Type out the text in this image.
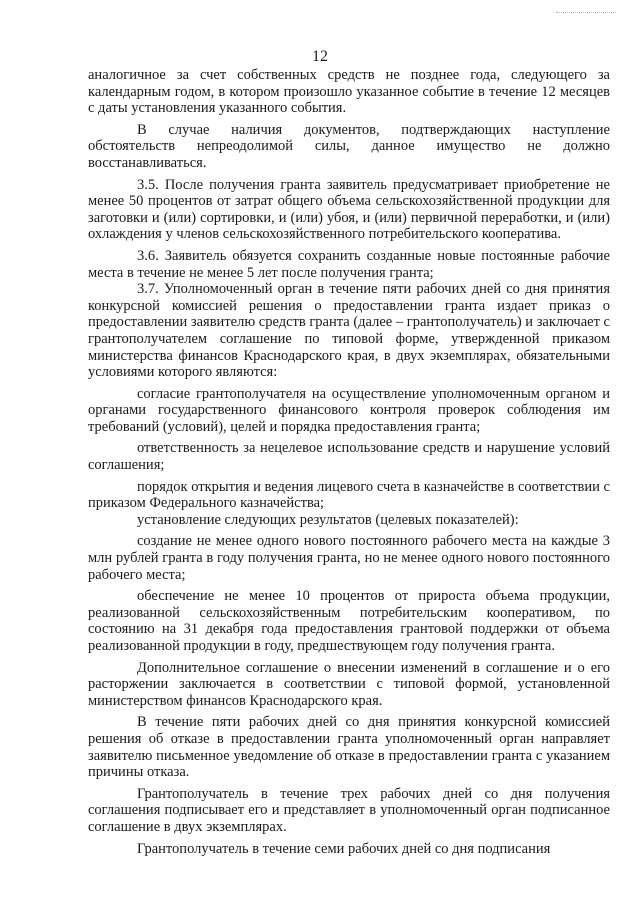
12

аналогичное за счет собственных средств не позднее года, следующего за календарным годом, в котором произошло указанное событие в течение 12 месяцев с даты установления указанного события.

В случае наличия документов, подтверждающих наступление обстоятельств непреодолимой силы, данное имущество не должно восстанавливаться.

3.5. После получения гранта заявитель предусматривает приобретение не менее 50 процентов от затрат общего объема сельскохозяйственной продукции для заготовки и (или) сортировки, и (или) убоя, и (или) первичной переработки, и (или) охлаждения у членов сельскохозяйственного потребительского кооператива.

3.6. Заявитель обязуется сохранить созданные новые постоянные рабочие места в течение не менее 5 лет после получения гранта;

3.7. Уполномоченный орган в течение пяти рабочих дней со дня принятия конкурсной комиссией решения о предоставлении гранта издает приказ о предоставлении заявителю средств гранта (далее – грантополучатель) и заключает с грантополучателем соглашение по типовой форме, утвержденной приказом министерства финансов Краснодарского края, в двух экземплярах, обязательными условиями которого являются:

согласие грантополучателя на осуществление уполномоченным органом и органами государственного финансового контроля проверок соблюдения им требований (условий), целей и порядка предоставления гранта;

ответственность за нецелевое использование средств и нарушение условий соглашения;

порядок открытия и ведения лицевого счета в казначействе в соответствии с приказом Федерального казначейства;

установление следующих результатов (целевых показателей):

создание не менее одного нового постоянного рабочего места на каждые 3 млн рублей гранта в году получения гранта, но не менее одного нового постоянного рабочего места;

обеспечение не менее 10 процентов от прироста объема продукции, реализованной сельскохозяйственным потребительским кооперативом, по состоянию на 31 декабря года предоставления грантовой поддержки от объема реализованной продукции в году, предшествующем году получения гранта.

Дополнительное соглашение о внесении изменений в соглашение и о его расторжении заключается в соответствии с типовой формой, установленной министерством финансов Краснодарского края.

В течение пяти рабочих дней со дня принятия конкурсной комиссией решения об отказе в предоставлении гранта уполномоченный орган направляет заявителю письменное уведомление об отказе в предоставлении гранта с указанием причины отказа.

Грантополучатель в течение трех рабочих дней со дня получения соглашения подписывает его и представляет в уполномоченный орган подписанное соглашение в двух экземплярах.

Грантополучатель в течение семи рабочих дней со дня подписания
